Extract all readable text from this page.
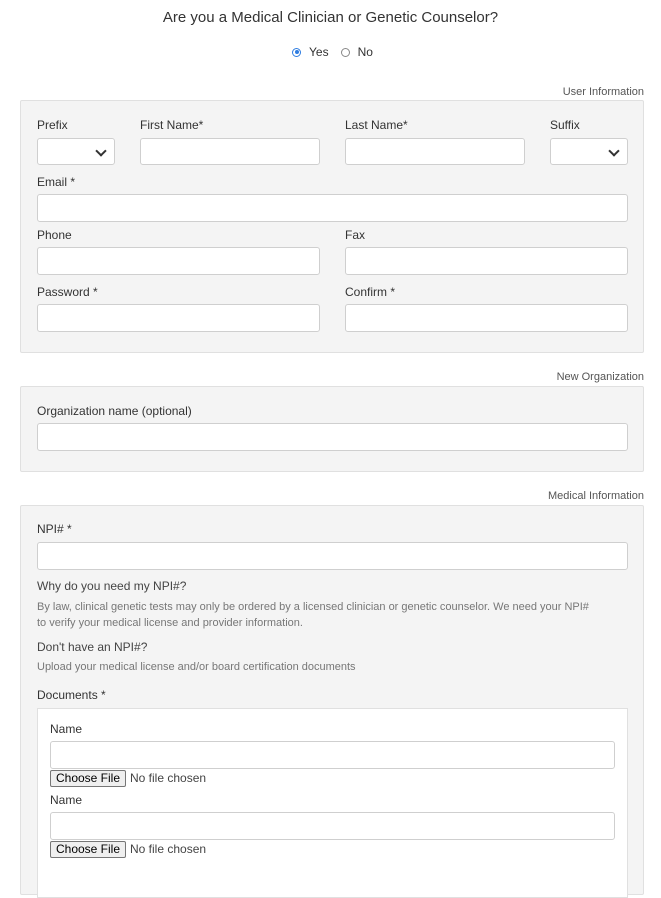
Are you a Medical Clinician or Genetic Counselor?
Yes No
User Information
Prefix	First Name*	Last Name*	Suffix
Email *
Phone	Fax
Password *	Confirm *
New Organization
Organization name (optional)
Medical Information
NPI# *
Why do you need my NPI#?
By law, clinical genetic tests may only be ordered by a licensed clinician or genetic counselor. We need your NPI#
to verify your medical license and provider information.
Don't have an NPI#?
Upload your medical license and/or board certification documents
Documents *
Name
Choose File No file chosen
Name
Choose File No file chosen
